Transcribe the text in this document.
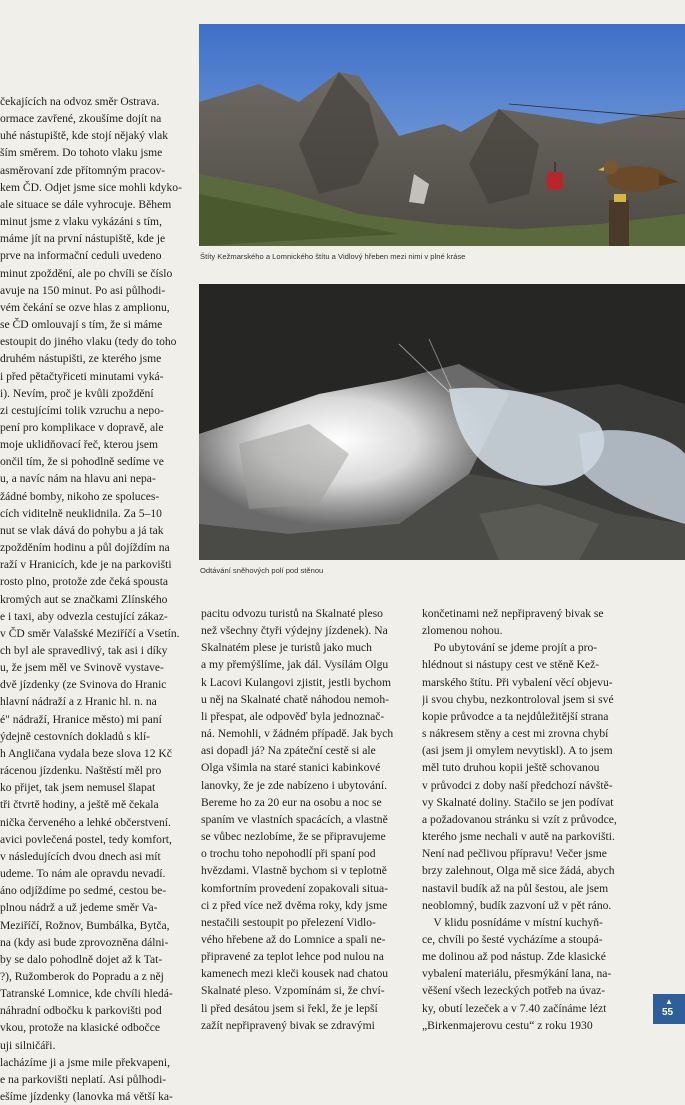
čekajících na odvoz směr Ostrava.
ormace zavřené, zkoušíme dojít na
uhé nástupiště, kde stojí nějaký vlak
ším směrem. Do tohoto vlaku jsme
asměrovaní zde přítomným pracov-
kem ČD. Odjet jsme sice mohli kdyko-
ale situace se dále vyhrocuje. Během
minut jsme z vlaku vykázáni s tím,
máme jít na první nástupiště, kde je
prve na informační ceduli uvedeno
minut zpoždění, ale po chvíli se číslo
avuje na 150 minut. Po asi půlhodi-
vém čekání se ozve hlas z amplionu,
se ČD omlouvají s tím, že si máme
estoupit do jiného vlaku (tedy do toho
druhém nástupišti, ze kterého jsme
i před pětačtyřiceti minutami vyká-
i). Nevím, proč je kvůli zpoždění
zi cestujícími tolik vzruchu a nepo-
pení pro komplikace v dopravě, ale
moje uklidňovací řeč, kterou jsem
ončil tím, že si pohodlně sedíme ve
u, a navíc nám na hlavu ani nepa-
žádné bomby, nikoho ze spoluces-
cích viditelně neuklidnila. Za 5–10
nut se vlak dává do pohybu a já tak
zpožděním hodinu a půl dojíždím na
raží v Hranicích, kde je na parkovišti
rosto plno, protože zde čeká spousta
kromých aut se značkami Zlínského
e i taxi, aby odvezla cestující zákaz-
v ČD směr Valašské Meziříčí a Vsetín.
ch byl ale spravedlivý, tak asi i díky
u, že jsem měl ve Svinově vystave-
dvě jízdenky (ze Svinova do Hranic
hlavní nádraží a z Hranic hl. n. na
é" nádraží, Hranice město) mi paní
ýdejně cestovních dokladů s klí-
h Angličana vydala beze slova 12 Kč
rácenou jízdenku. Naštěstí měl pro
ko přijet, tak jsem nemusel šlapat
tři čtvrtě hodiny, a ještě mě čekala
nička červeného a lehké občerstvení.
avici povlečená postel, tedy komfort,
v následujících dvou dnech asi mít
udeme. To nám ale opravdu nevadí.
áno odjíždíme po sedmé, cestou be-
plnou nádrž a už jedeme směr Va-
Meziříčí, Rožnov, Bumbálka, Bytča,
na (kdy asi bude zprovozněna dálni-
by se dalo pohodlně dojet až k Tat-
?), Ružomberok do Popradu a z něj
Tatranské Lomnice, kde chvíli hledá-
náhradní odbočku k parkovišti pod
vkou, protože na klasické odbočce
uji silničáři.
lacházíme ji a jsme mile překvapeni,
e na parkovišti neplatí. Asi půlhodi-
ešíme jízdenky (lanovka má větší ka-
Štíty Kežmarského a Lomnického štítu a Vidlový hřeben mezi nimi v plné kráse
Odtávání sněhových polí pod stěnou
pacitu odvozu turistů na Skalnaté pleso
než všechny čtyři výdejny jízdenek). Na
Skalnatém plese je turistů jako much
a my přemýšlíme, jak dál. Vysílám Olgu
k Lacovi Kulangovi zjistit, jestli bychom
u něj na Skalnaté chatě náhodou nemoh-
li přespat, ale odpověď byla jednoznač-
ná. Nemohli, v žádném případě. Jak bych
asi dopadl já? Na zpáteční cestě si ale
Olga všimla na staré stanici kabinkové
lanovky, že je zde nabízeno i ubytování.
Bereme ho za 20 eur na osobu a noc se
spaním ve vlastních spacácích, a vlastně
se vůbec nezlobíme, že se připravujeme
o trochu toho nepohodlí při spaní pod
hvězdami. Vlastně bychom si v teplotně
komfortním provedení zopakovali situa-
ci z před více než dvěma roky, kdy jsme
nestačili sestoupit po přelezení Vidlo-
vého hřebene až do Lomnice a spali ne-
připravené za teplot lehce pod nulou na
kamenech mezi kleči kousek nad chatou
Skalnaté pleso. Vzpomínám si, že chví-
li před desátou jsem si řekl, že je lepší
zažít nepřipravený bivak se zdravými
končetinami než nepřipravený bivak se
zlomenou nohou.
Po ubytování se jdeme projít a pro-
hlédnout si nástupy cest ve stěně Kež-
marského štítu. Při vybalení věcí objevu-
ji svou chybu, nezkontroloval jsem si své
kopie průvodce a ta nejdůležitější strana
s nákresem stěny a cest mi zrovna chybí
(asi jsem ji omylem nevytiskl). A to jsem
měl tuto druhou kopii ještě schovanou
v průvodci z doby naší předchozí návště-
vy Skalnaté doliny. Stačilo se jen podívat
a požadovanou stránku si vzít z průvodce,
kterého jsme nechali v autě na parkovišti.
Není nad pečlivou přípravu! Večer jsme
brzy zalehnout, Olga mě sice žádá, abych
nastavil budík až na půl šestou, ale jsem
neoblomný, budík zazvoní už v pět ráno.
V klidu posnídáme v místní kuchyň-
ce, chvíli po šesté vycházíme a stoupá-
me dolinou až pod nástup. Zde klasické
vybalení materiálu, přesmýkání lana, na-
věšení všech lezeckých potřeb na úvaz-
ky, obutí lezeček a v 7.40 začínáme lézt
„Birkenmajerovu cestu“ z roku 1930
▲
55
